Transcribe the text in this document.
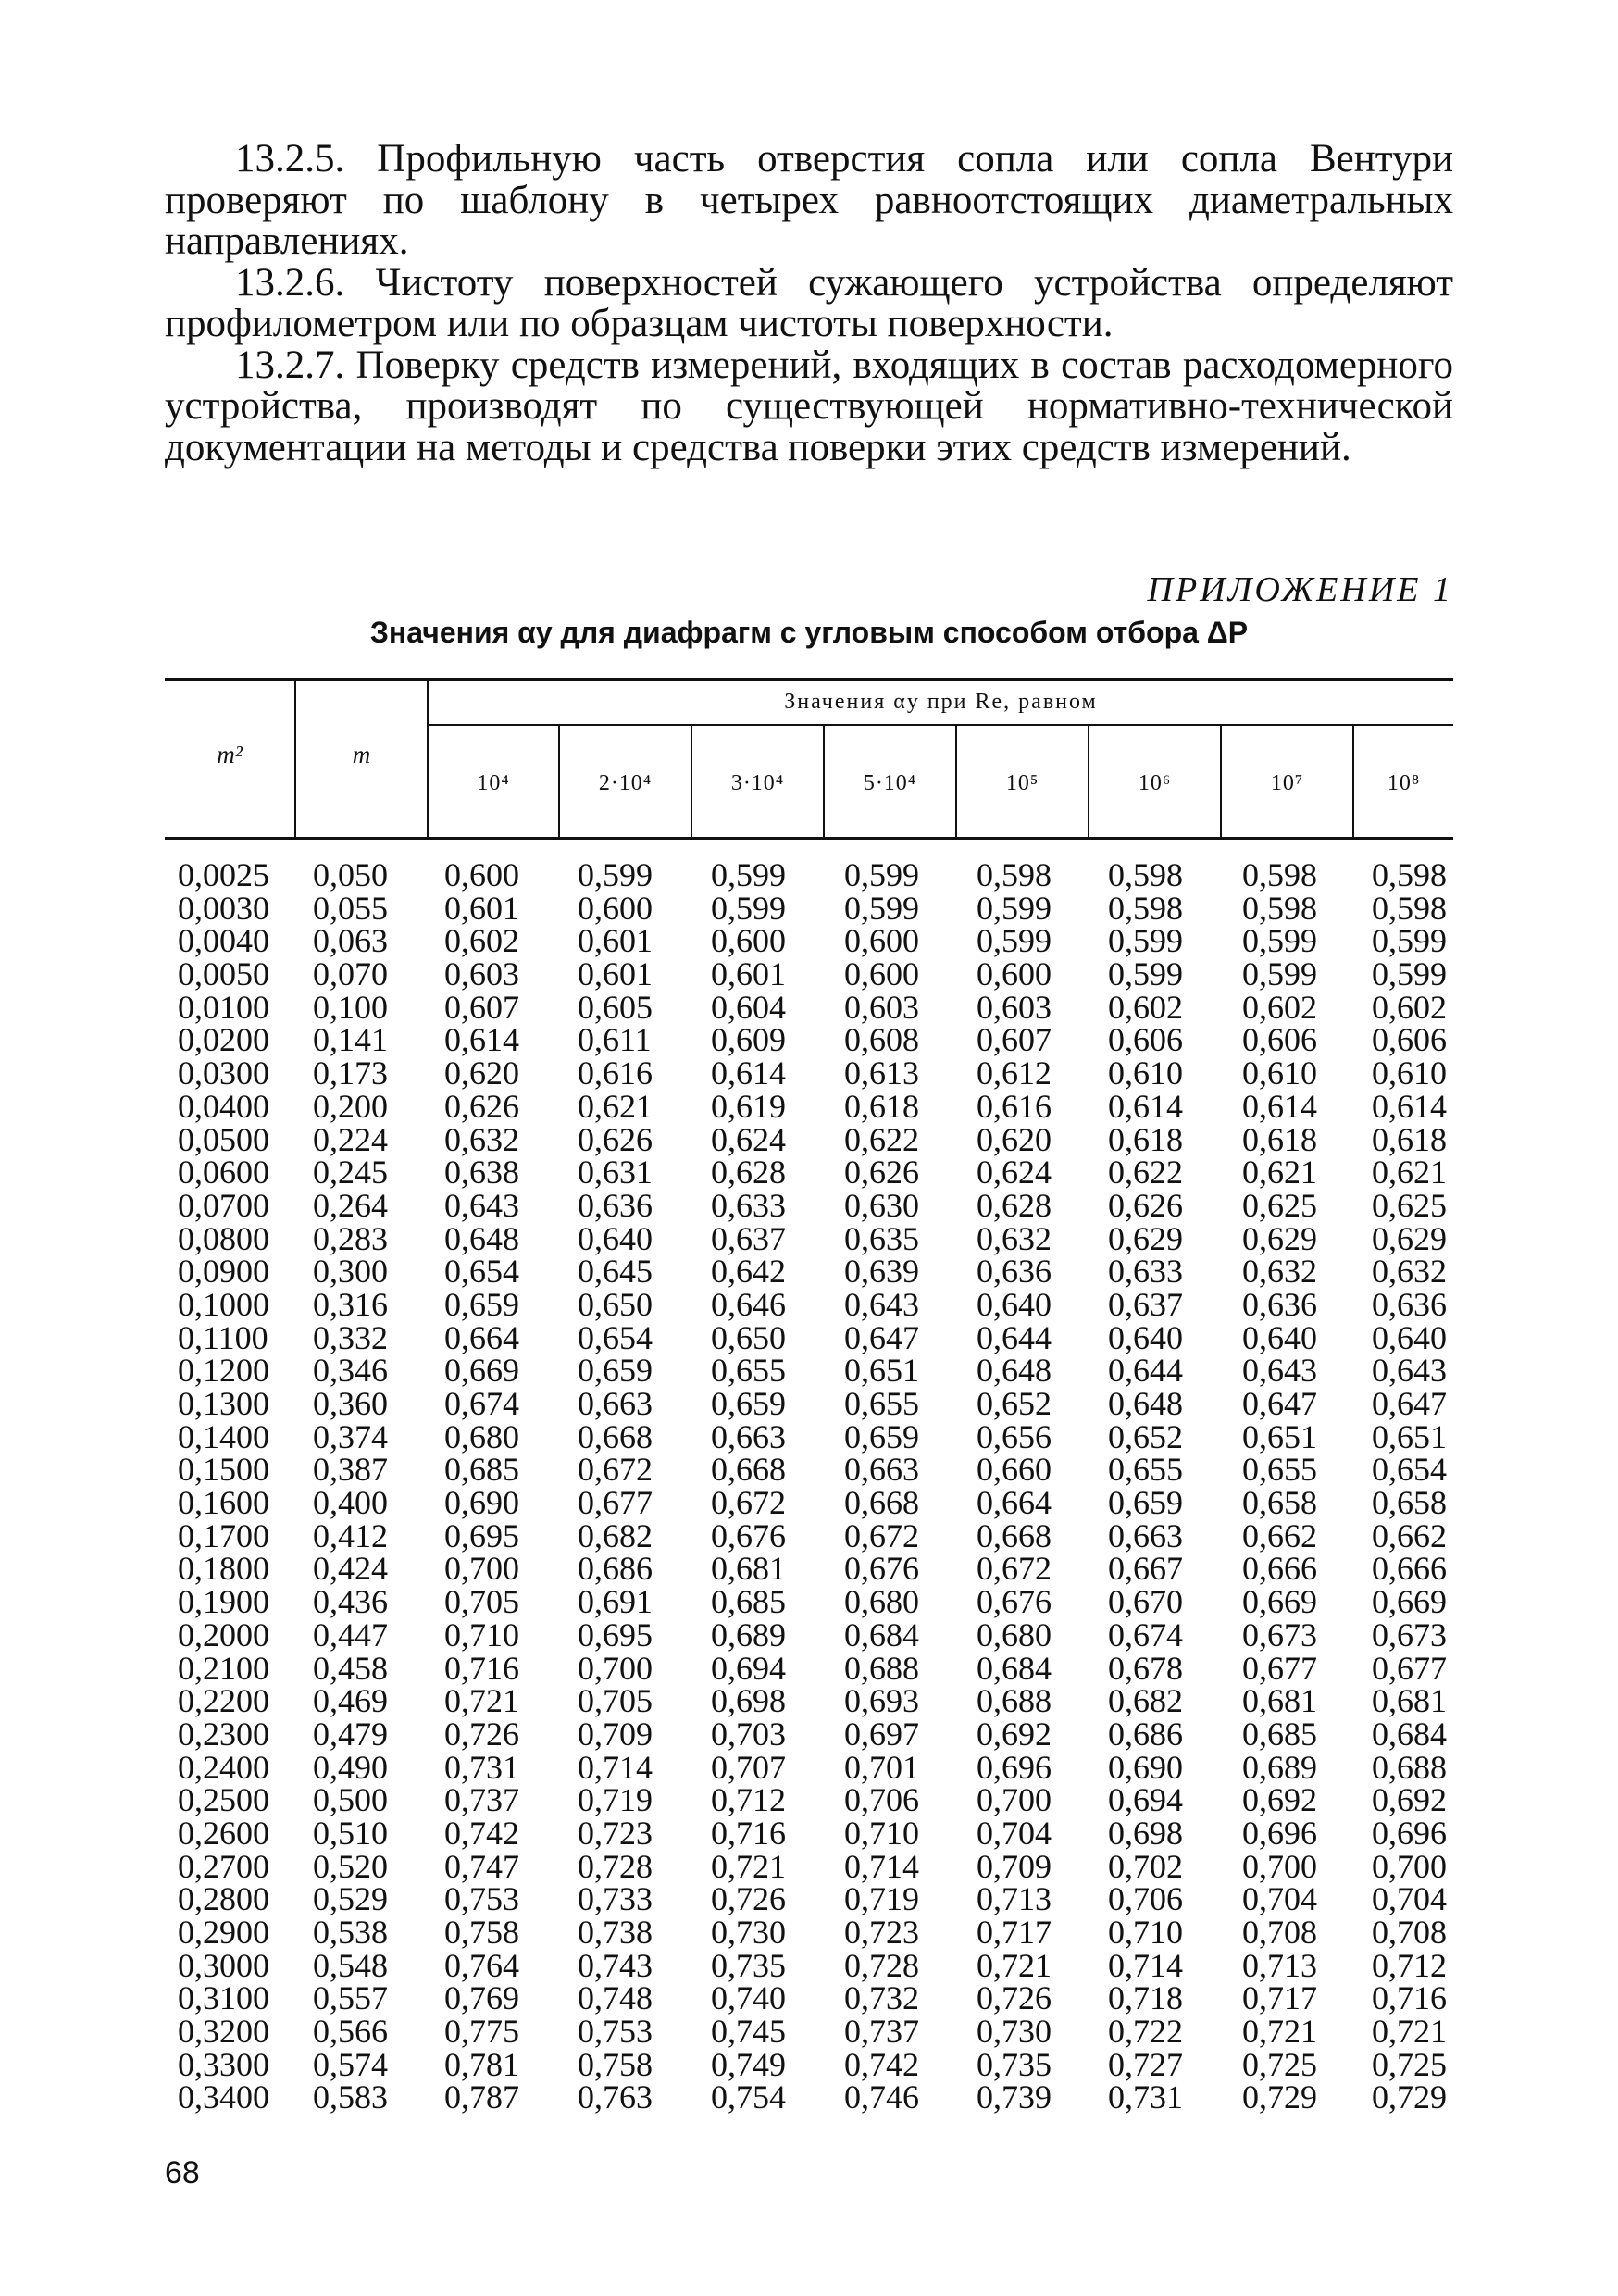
13.2.5. Профильную часть отверстия сопла или сопла Вентури проверяют по шаблону в четырех равноотстоящих диаметральных направлениях.

13.2.6. Чистоту поверхностей сужающего устройства определяют профилометром или по образцам чистоты поверхности.

13.2.7. Поверку средств измерений, входящих в состав расходомерного устройства, производят по существующей нормативно-технической документации на методы и средства поверки этих средств измерений.

ПРИЛОЖЕНИЕ 1
Значения αу для диафрагм с угловым способом отбора ΔP
m²	m
Значения αу при Re, равном
10⁴	2·10⁴	3·10⁴	5·10⁴	10⁵	10⁶	10⁷	10⁸
0,0025 0,050 0,600 0,599 0,599 0,599 0,598 0,598 0,598 0,598
0,0030 0,055 0,601 0,600 0,599 0,599 0,599 0,598 0,598 0,598
0,0040 0,063 0,602 0,601 0,600 0,600 0,599 0,599 0,599 0,599
0,0050 0,070 0,603 0,601 0,601 0,600 0,600 0,599 0,599 0,599
0,0100 0,100 0,607 0,605 0,604 0,603 0,603 0,602 0,602 0,602
0,0200 0,141 0,614 0,611 0,609 0,608 0,607 0,606 0,606 0,606
0,0300 0,173 0,620 0,616 0,614 0,613 0,612 0,610 0,610 0,610
0,0400 0,200 0,626 0,621 0,619 0,618 0,616 0,614 0,614 0,614
0,0500 0,224 0,632 0,626 0,624 0,622 0,620 0,618 0,618 0,618
0,0600 0,245 0,638 0,631 0,628 0,626 0,624 0,622 0,621 0,621
0,0700 0,264 0,643 0,636 0,633 0,630 0,628 0,626 0,625 0,625
0,0800 0,283 0,648 0,640 0,637 0,635 0,632 0,629 0,629 0,629
0,0900 0,300 0,654 0,645 0,642 0,639 0,636 0,633 0,632 0,632
0,1000 0,316 0,659 0,650 0,646 0,643 0,640 0,637 0,636 0,636
0,1100 0,332 0,664 0,654 0,650 0,647 0,644 0,640 0,640 0,640
0,1200 0,346 0,669 0,659 0,655 0,651 0,648 0,644 0,643 0,643
0,1300 0,360 0,674 0,663 0,659 0,655 0,652 0,648 0,647 0,647
0,1400 0,374 0,680 0,668 0,663 0,659 0,656 0,652 0,651 0,651
0,1500 0,387 0,685 0,672 0,668 0,663 0,660 0,655 0,655 0,654
0,1600 0,400 0,690 0,677 0,672 0,668 0,664 0,659 0,658 0,658
0,1700 0,412 0,695 0,682 0,676 0,672 0,668 0,663 0,662 0,662
0,1800 0,424 0,700 0,686 0,681 0,676 0,672 0,667 0,666 0,666
0,1900 0,436 0,705 0,691 0,685 0,680 0,676 0,670 0,669 0,669
0,2000 0,447 0,710 0,695 0,689 0,684 0,680 0,674 0,673 0,673
0,2100 0,458 0,716 0,700 0,694 0,688 0,684 0,678 0,677 0,677
0,2200 0,469 0,721 0,705 0,698 0,693 0,688 0,682 0,681 0,681
0,2300 0,479 0,726 0,709 0,703 0,697 0,692 0,686 0,685 0,684
0,2400 0,490 0,731 0,714 0,707 0,701 0,696 0,690 0,689 0,688
0,2500 0,500 0,737 0,719 0,712 0,706 0,700 0,694 0,692 0,692
0,2600 0,510 0,742 0,723 0,716 0,710 0,704 0,698 0,696 0,696
0,2700 0,520 0,747 0,728 0,721 0,714 0,709 0,702 0,700 0,700
0,2800 0,529 0,753 0,733 0,726 0,719 0,713 0,706 0,704 0,704
0,2900 0,538 0,758 0,738 0,730 0,723 0,717 0,710 0,708 0,708
0,3000 0,548 0,764 0,743 0,735 0,728 0,721 0,714 0,713 0,712
0,3100 0,557 0,769 0,748 0,740 0,732 0,726 0,718 0,717 0,716
0,3200 0,566 0,775 0,753 0,745 0,737 0,730 0,722 0,721 0,721
0,3300 0,574 0,781 0,758 0,749 0,742 0,735 0,727 0,725 0,725
0,3400 0,583 0,787 0,763 0,754 0,746 0,739 0,731 0,729 0,729
68
